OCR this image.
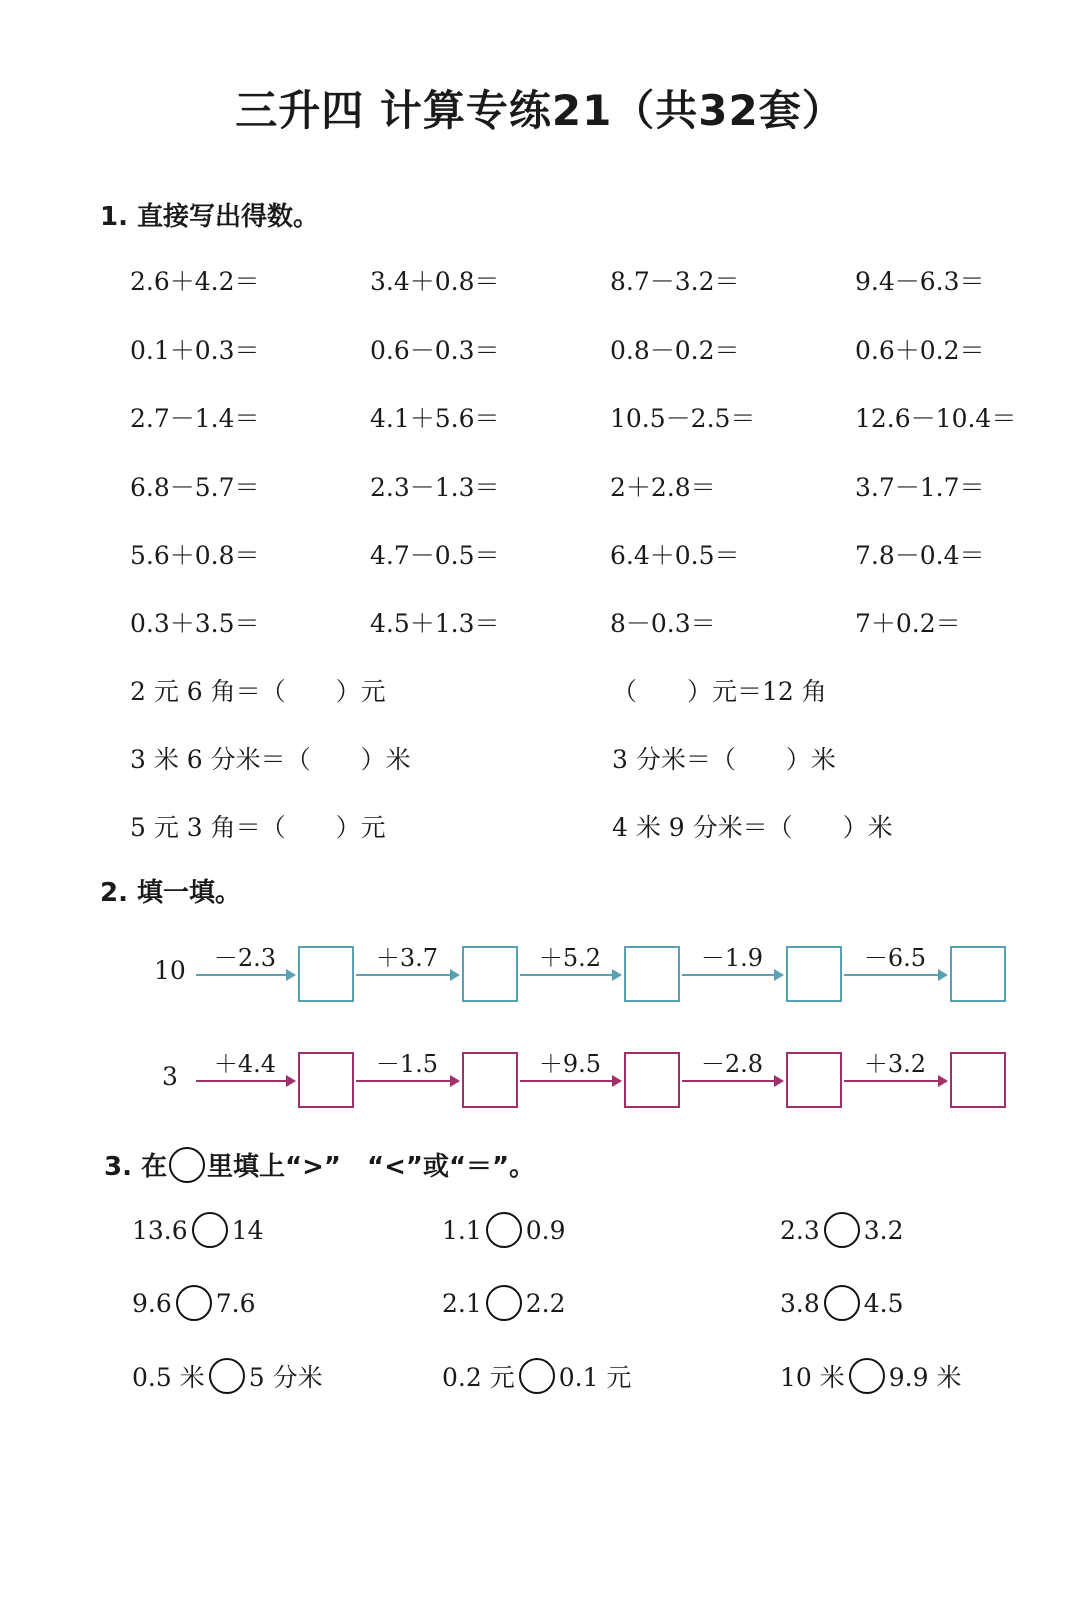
三升四 计算专练21（共32套）
1. 直接写出得数。
2.6＋4.2＝	3.4＋0.8＝	8.7－3.2＝	9.4－6.3＝
0.1＋0.3＝	0.6－0.3＝	0.8－0.2＝	0.6＋0.2＝
2.7－1.4＝	4.1＋5.6＝	10.5－2.5＝	12.6－10.4＝
6.8－5.7＝	2.3－1.3＝	2＋2.8＝	3.7－1.7＝
5.6＋0.8＝	4.7－0.5＝	6.4＋0.5＝	7.8－0.4＝
0.3＋3.5＝	4.5＋1.3＝	8－0.3＝	7＋0.2＝
2 元 6 角＝（　　）元	（　　）元＝12 角
3 米 6 分米＝（　　）米	3 分米＝（　　）米
5 元 3 角＝（　　）元	4 米 9 分米＝（　　）米
2. 填一填。
10	－2.3	＋3.7	＋5.2	－1.9	－6.5
3	＋4.4	－1.5	＋9.5	－2.8	＋3.2
3. 在 里填上“>”　“<”或“＝”。
13.6 14	1.1 0.9	2.3 3.2
9.6 7.6	2.1 2.2	3.8 4.5
0.5 米 5 分米	0.2 元 0.1 元	10 米 9.9 米
